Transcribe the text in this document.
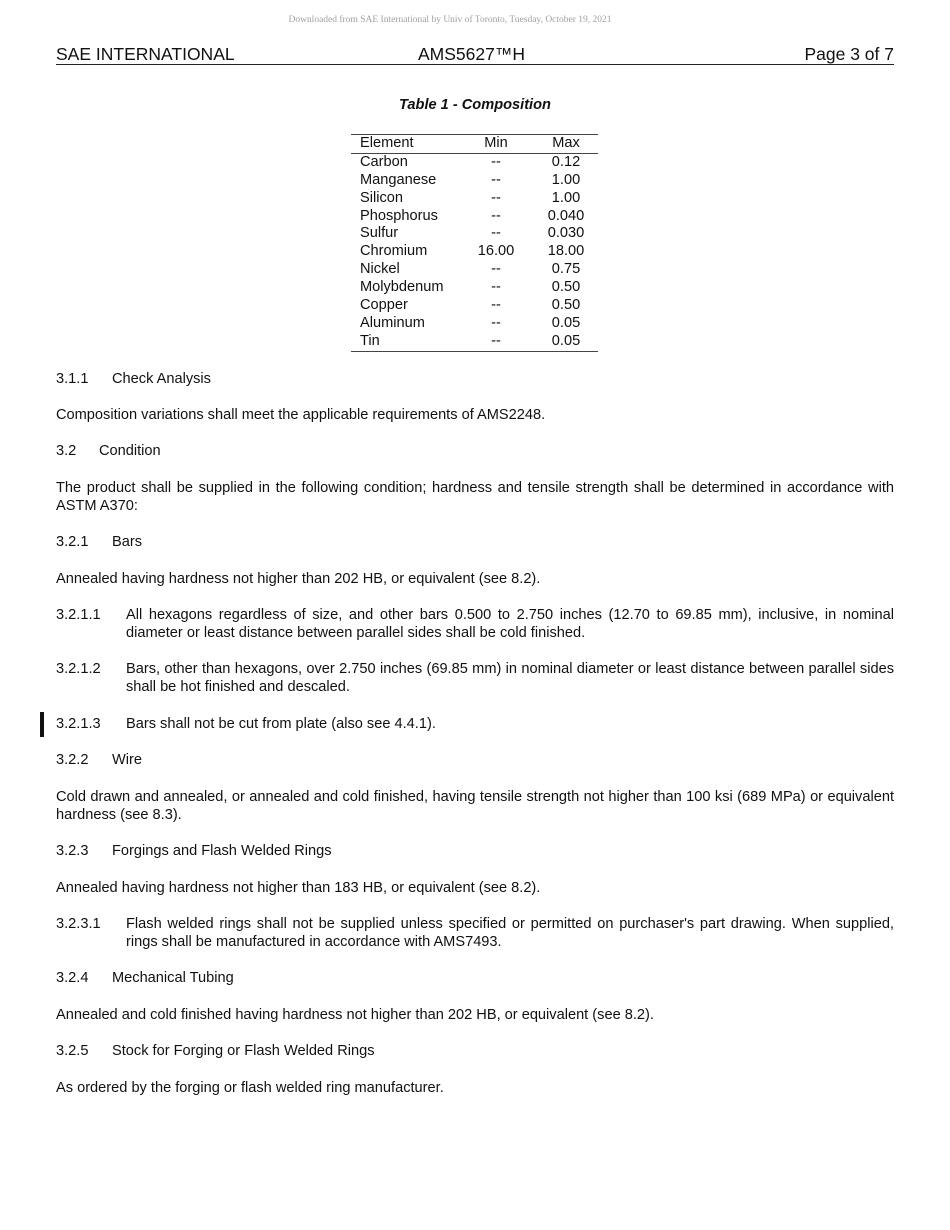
Downloaded from SAE International by Univ of Toronto, Tuesday, October 19, 2021
SAE INTERNATIONAL	AMS5627™H	Page 3 of 7
Table 1 - Composition
Element	Min	Max
Carbon	--	0.12
Manganese	--	1.00
Silicon	--	1.00
Phosphorus	--	0.040
Sulfur	--	0.030
Chromium	16.00	18.00
Nickel	--	0.75
Molybdenum	--	0.50
Copper	--	0.50
Aluminum	--	0.05
Tin	--	0.05
3.1.1 Check Analysis
Composition variations shall meet the applicable requirements of AMS2248.
3.2 Condition
The product shall be supplied in the following condition; hardness and tensile strength shall be determined in accordance with ASTM A370:
3.2.1 Bars
Annealed having hardness not higher than 202 HB, or equivalent (see 8.2).
3.2.1.1 All hexagons regardless of size, and other bars 0.500 to 2.750 inches (12.70 to 69.85 mm), inclusive, in nominal diameter or least distance between parallel sides shall be cold finished.
3.2.1.2 Bars, other than hexagons, over 2.750 inches (69.85 mm) in nominal diameter or least distance between parallel sides shall be hot finished and descaled.
3.2.1.3 Bars shall not be cut from plate (also see 4.4.1).
3.2.2 Wire
Cold drawn and annealed, or annealed and cold finished, having tensile strength not higher than 100 ksi (689 MPa) or equivalent hardness (see 8.3).
3.2.3 Forgings and Flash Welded Rings
Annealed having hardness not higher than 183 HB, or equivalent (see 8.2).
3.2.3.1 Flash welded rings shall not be supplied unless specified or permitted on purchaser's part drawing. When supplied, rings shall be manufactured in accordance with AMS7493.
3.2.4 Mechanical Tubing
Annealed and cold finished having hardness not higher than 202 HB, or equivalent (see 8.2).
3.2.5 Stock for Forging or Flash Welded Rings
As ordered by the forging or flash welded ring manufacturer.
